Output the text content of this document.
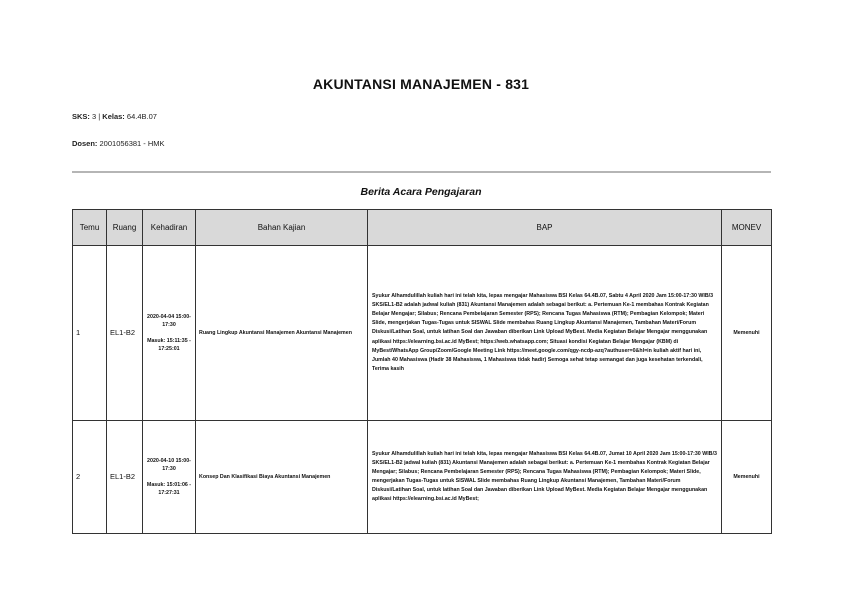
AKUNTANSI MANAJEMEN - 831
SKS: 3 | Kelas: 64.4B.07
Dosen: 2001056381 - HMK
Berita Acara Pengajaran
Temu	Ruang	Kehadiran	Bahan Kajian	BAP	MONEV
1	EL1-B2	2020-04-04 15:00-17:30
Masuk: 15:11:35 - 17:25:01	Ruang Lingkup Akuntansi Manajemen Akuntansi Manajemen	Syukur Alhamdulillah kuliah hari ini telah kita, lepas mengajar Mahasiswa BSI Kelas 64.4B.07, Sabtu 4 April 2020 Jam 15:00-17:30 WIB/3 SKS/EL1-B2 adalah jadwal kuliah (831) Akuntansi Manajemen adalah sebagai berikut: a. Pertemuan Ke-1 membahas Kontrak Kegiatan Belajar Mengajar; Silabus; Rencana Pembelajaran Semester (RPS); Rencana Tugas Mahasiswa (RTM); Pembagian Kelompok; Materi Slide, mengerjakan Tugas-Tugas untuk SISWAL Slide membahas Ruang Lingkup Akuntansi Manajemen, Tambahan Materi/Forum Diskusi/Latihan Soal, untuk latihan Soal dan Jawaban diberikan Link Upload MyBest. Media Kegiatan Belajar Mengajar menggunakan aplikasi https://elearning.bsi.ac.id MyBest; https://web.whatsapp.com; Situasi kondisi Kegiatan Belajar Mengajar (KBM) di MyBest/WhatsApp Group/Zoom/Google Meeting Link https://meet.google.com/qgy-ncdp-azq?authuser=0&hl=in kuliah aktif hari ini, Jumlah 40 Mahasiswa (Hadir 38 Mahasiswa, 1 Mahasiswa tidak hadir) Semoga sehat tetap semangat dan juga kesehatan terkendali, Terima kasih	Memenuhi
2	EL1-B2	2020-04-10 15:00-17:30
Masuk: 15:01:06 - 17:27:31	Konsep Dan Klasifikasi Biaya Akuntansi Manajemen	Syukur Alhamdulillah kuliah hari ini telah kita, lepas mengajar Mahasiswa BSI Kelas 64.4B.07, Jumat 10 April 2020 Jam 15:00-17:30 WIB/3 SKS/EL1-B2 jadwal kuliah (831) Akuntansi Manajemen adalah sebagai berikut: a. Pertemuan Ke-1 membahas Kontrak Kegiatan Belajar Mengajar; Silabus; Rencana Pembelajaran Semester (RPS); Rencana Tugas Mahasiswa (RTM); Pembagian Kelompok; Materi Slide, mengerjakan Tugas-Tugas untuk SISWAL Slide membahas Ruang Lingkup Akuntansi Manajemen, Tambahan Materi/Forum Diskusi/Latihan Soal, untuk latihan Soal dan Jawaban diberikan Link Upload MyBest. Media Kegiatan Belajar Mengajar menggunakan aplikasi https://elearning.bsi.ac.id MyBest;	Memenuhi
